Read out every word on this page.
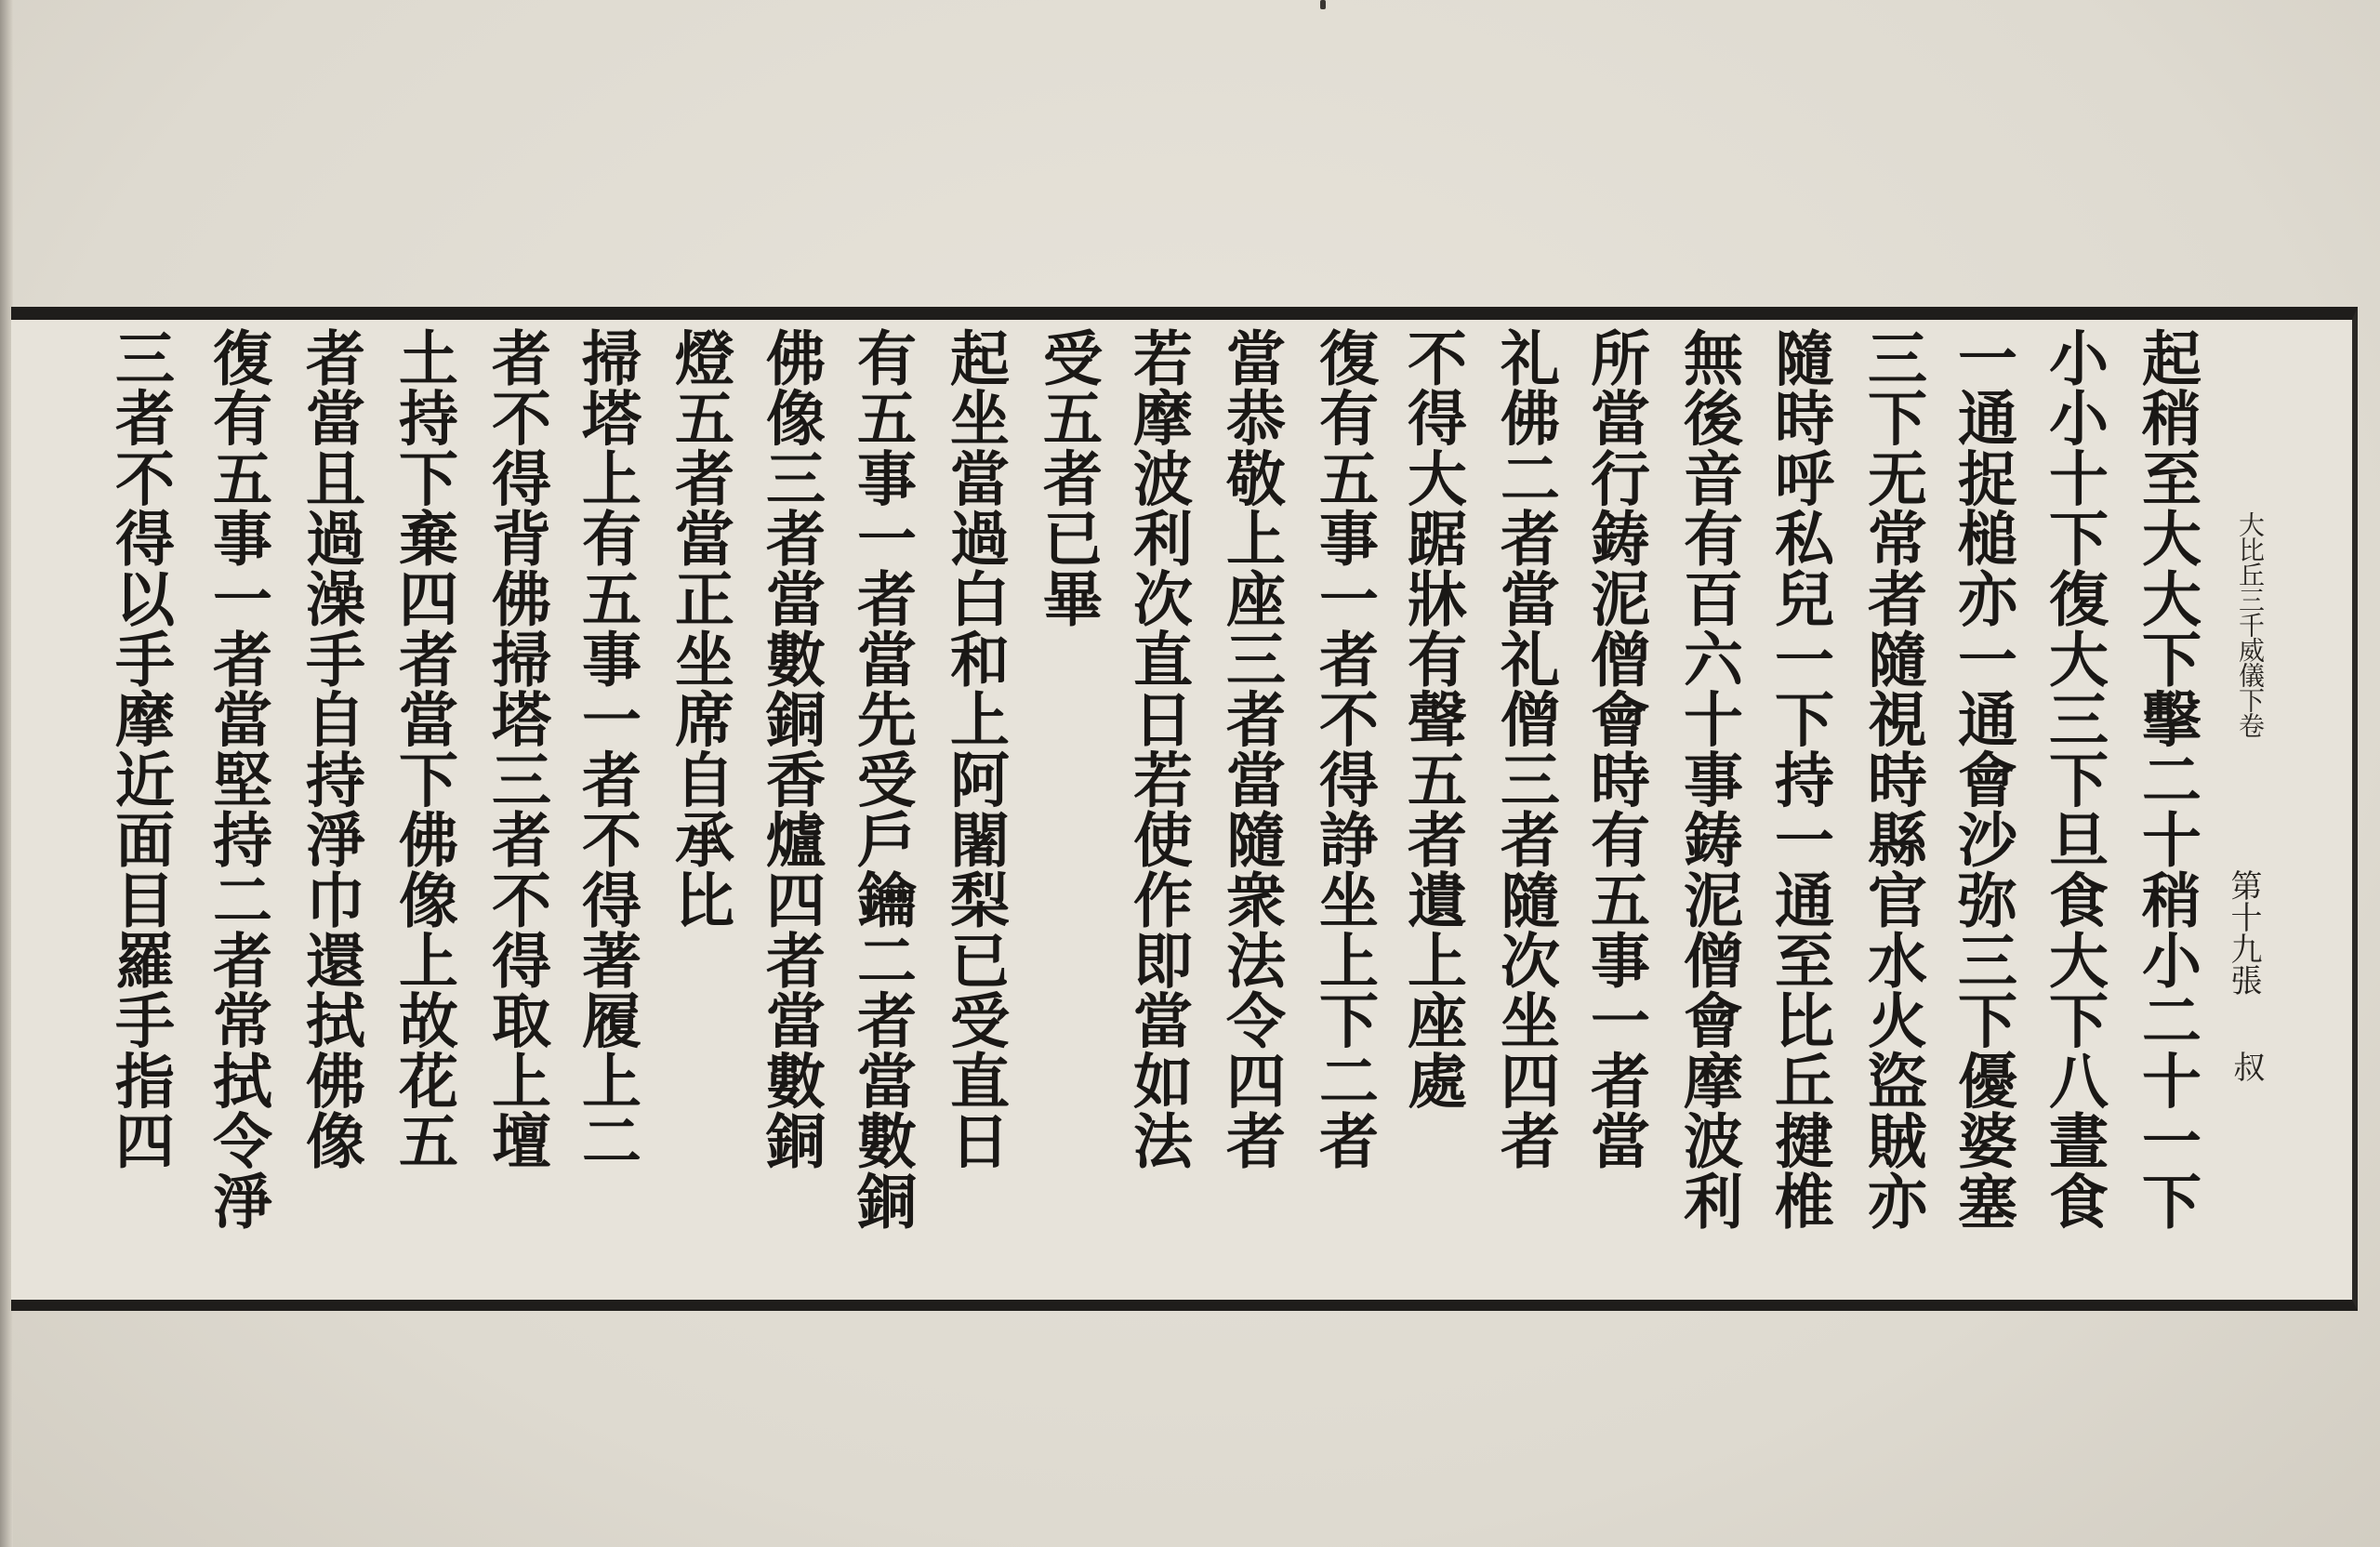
大比丘三千威儀下卷
第十九張
叔
起稍至大大下擊二十稍小二十一下
小小十下復大三下旦食大下八晝食
一通捉槌亦一通會沙弥三下優婆塞
三下无常者隨視時縣官水火盜賊亦
隨時呼私兒一下持一通至比丘揵椎
無後音有百六十事鋳泥僧會摩波利
所當行鋳泥僧會時有五事一者當
礼佛二者當礼僧三者隨次坐四者
不得大踞牀有聲五者遺上座處
復有五事一者不得諍坐上下二者
當恭敬上座三者當隨衆法令四者
若摩波利次直日若使作即當如法
受五者已畢
起坐當過白和上阿闍梨已受直日
有五事一者當先受戶鑰二者當數銅
佛像三者當數銅香爐四者當數銅
燈五者當正坐席自承比
掃塔上有五事一者不得著履上二
者不得背佛掃塔三者不得取上壇
土持下棄四者當下佛像上故花五
者當且過澡手自持淨巾還拭佛像
復有五事一者當堅持二者常拭令淨
三者不得以手摩近面目羅手指四
